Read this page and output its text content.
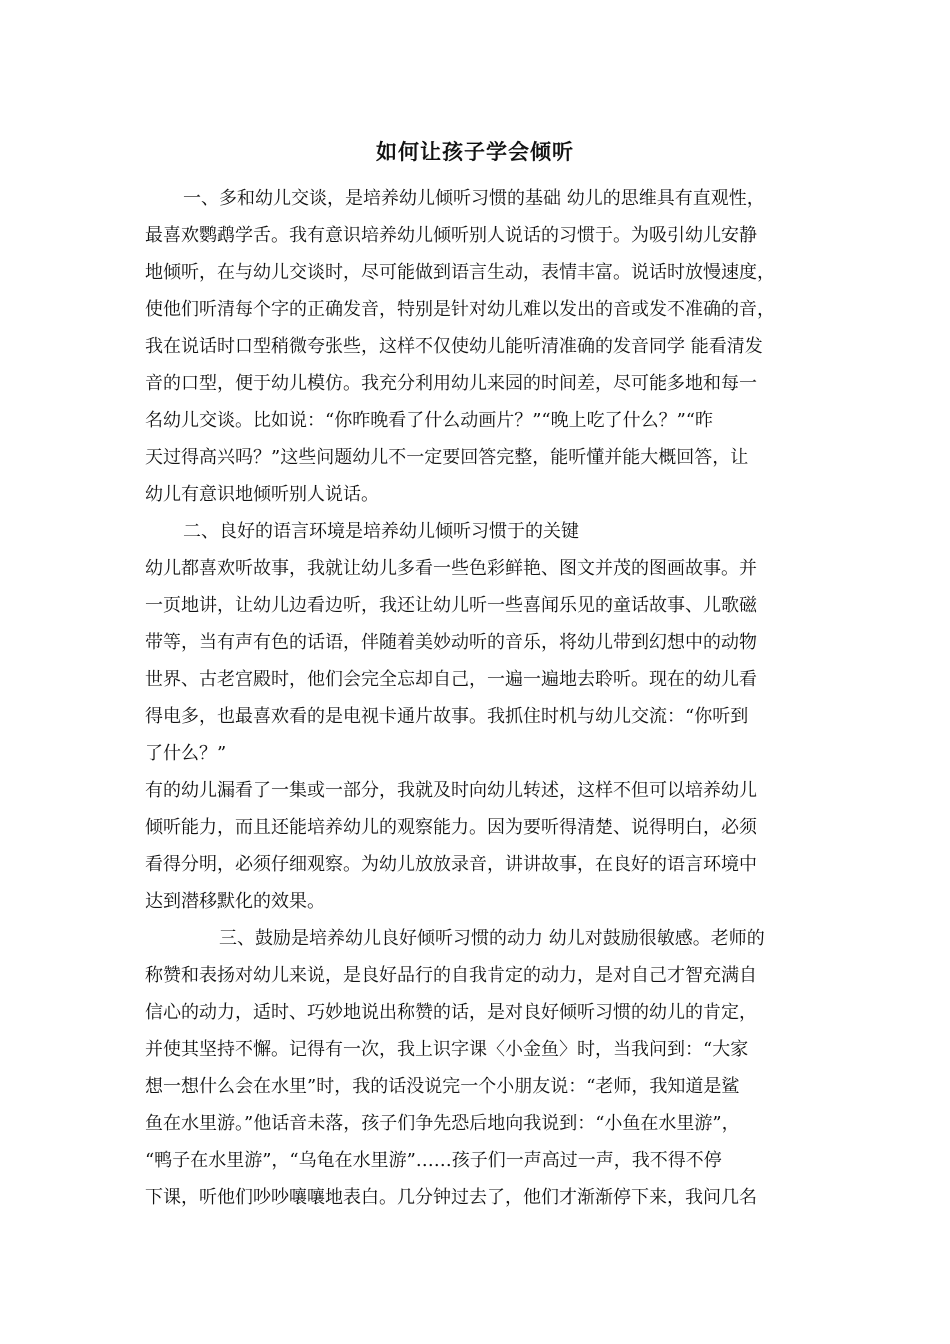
如何让孩子学会倾听

一、多和幼儿交谈，是培养幼儿倾听习惯的基础 幼儿的思维具有直观性，

最喜欢鹦鹉学舌。我有意识培养幼儿倾听别人说话的习惯于。为吸引幼儿安静

地倾听，在与幼儿交谈时，尽可能做到语言生动，表情丰富。说话时放慢速度，

使他们听清每个字的正确发音，特别是针对幼儿难以发出的音或发不准确的音，

我在说话时口型稍微夸张些，这样不仅使幼儿能听清准确的发音同学 能看清发

音的口型，便于幼儿模仿。我充分利用幼儿来园的时间差，尽可能多地和每一

名幼儿交谈。比如说：“你昨晚看了什么动画片？”“晚上吃了什么？”“昨

天过得高兴吗？”这些问题幼儿不一定要回答完整，能听懂并能大概回答，让

幼儿有意识地倾听别人说话。

二、良好的语言环境是培养幼儿倾听习惯于的关键

幼儿都喜欢听故事，我就让幼儿多看一些色彩鲜艳、图文并茂的图画故事。并

一页地讲，让幼儿边看边听，我还让幼儿听一些喜闻乐见的童话故事、儿歌磁

带等，当有声有色的话语，伴随着美妙动听的音乐，将幼儿带到幻想中的动物

世界、古老宫殿时，他们会完全忘却自己，一遍一遍地去聆听。现在的幼儿看

得电多，也最喜欢看的是电视卡通片故事。我抓住时机与幼儿交流：“你听到

了什么？”

有的幼儿漏看了一集或一部分，我就及时向幼儿转述，这样不但可以培养幼儿

倾听能力，而且还能培养幼儿的观察能力。因为要听得清楚、说得明白，必须

看得分明，必须仔细观察。为幼儿放放录音，讲讲故事，在良好的语言环境中

达到潜移默化的效果。

三、鼓励是培养幼儿良好倾听习惯的动力 幼儿对鼓励很敏感。老师的

称赞和表扬对幼儿来说，是良好品行的自我肯定的动力，是对自己才智充满自

信心的动力，适时、巧妙地说出称赞的话，是对良好倾听习惯的幼儿的肯定，

并使其坚持不懈。记得有一次，我上识字课〈小金鱼〉时，当我问到：“大家

想一想什么会在水里”时，我的话没说完一个小朋友说：“老师，我知道是鲨

鱼在水里游。”他话音未落，孩子们争先恐后地向我说到：“小鱼在水里游”，

“鸭子在水里游”，“乌龟在水里游”……孩子们一声高过一声，我不得不停

下课，听他们吵吵嚷嚷地表白。几分钟过去了，他们才渐渐停下来，我问几名
